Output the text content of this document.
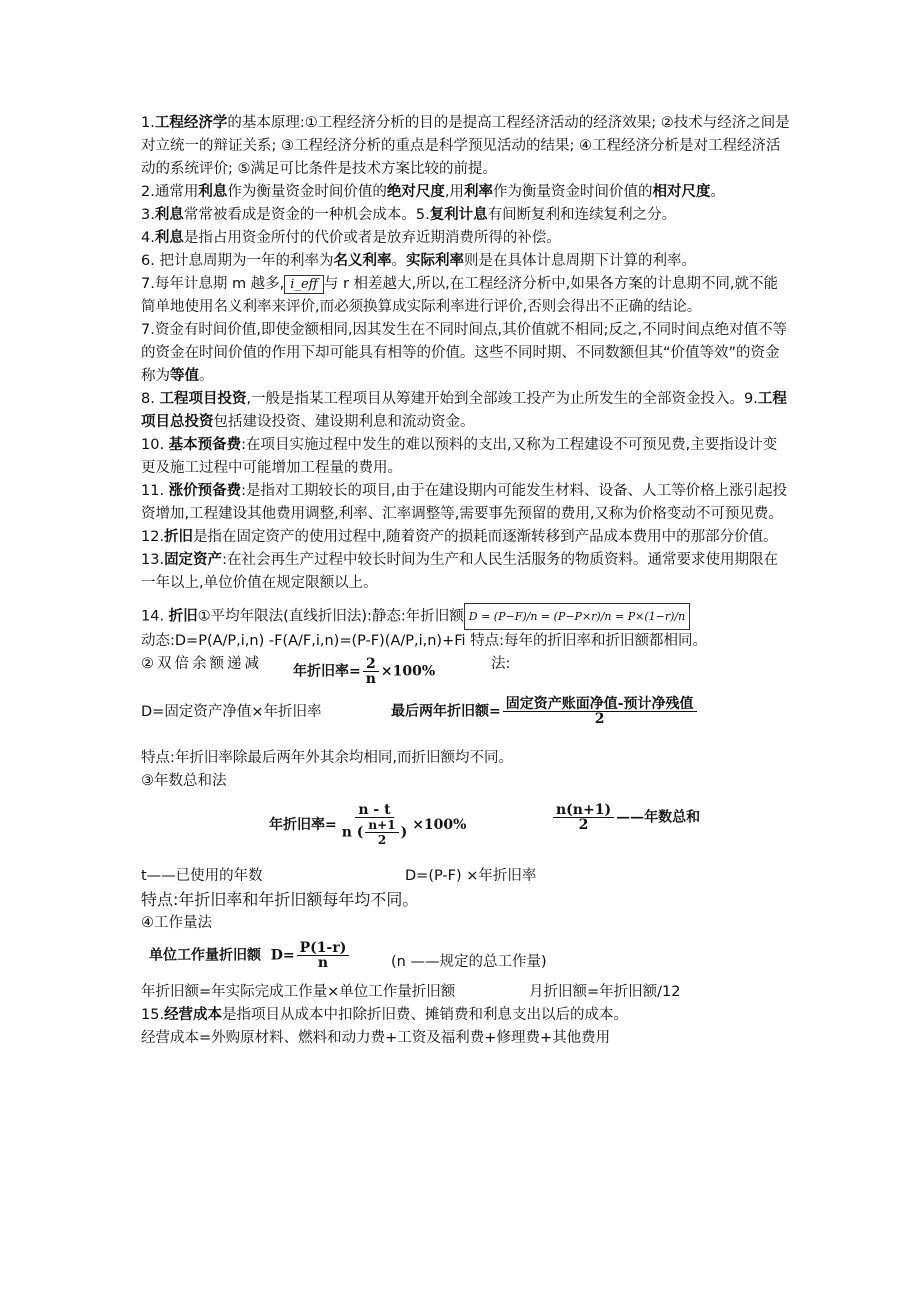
1.工程经济学的基本原理:①工程经济分析的目的是提高工程经济活动的经济效果; ②技术与经济之间是对立统一的辩证关系; ③工程经济分析的重点是科学预见活动的结果; ④工程经济分析是对工程经济活动的系统评价; ⑤满足可比条件是技术方案比较的前提。

2.通常用利息作为衡量资金时间价值的绝对尺度,用利率作为衡量资金时间价值的相对尺度。

3.利息常常被看成是资金的一种机会成本。5.复利计息有间断复利和连续复利之分。

4.利息是指占用资金所付的代价或者是放弃近期消费所得的补偿。

6. 把计息周期为一年的利率为名义利率。实际利率则是在具体计息周期下计算的利率。

7.每年计息期 m 越多, i_eff 与 r 相差越大,所以,在工程经济分析中,如果各方案的计息期不同,就不能简单地使用名义利率来评价,而必须换算成实际利率进行评价,否则会得出不正确的结论。

7.资金有时间价值,即使金额相同,因其发生在不同时间点,其价值就不相同;反之,不同时间点绝对值不等的资金在时间价值的作用下却可能具有相等的价值。这些不同时期、不同数额但其“价值等效”的资金称为等值。

8. 工程项目投资,一般是指某工程项目从筹建开始到全部竣工投产为止所发生的全部资金投入。9.工程项目总投资包括建设投资、建设期利息和流动资金。

10. 基本预备费:在项目实施过程中发生的难以预料的支出,又称为工程建设不可预见费,主要指设计变更及施工过程中可能增加工程量的费用。

11. 涨价预备费:是指对工期较长的项目,由于在建设期内可能发生材料、设备、人工等价格上涨引起投资增加,工程建设其他费用调整,利率、汇率调整等,需要事先预留的费用,又称为价格变动不可预见费。

12.折旧是指在固定资产的使用过程中,随着资产的损耗而逐渐转移到产品成本费用中的那部分价值。

13.固定资产:在社会再生产过程中较长时间为生产和人民生活服务的物质资料。通常要求使用期限在一年以上,单位价值在规定限额以上。

14. 折旧①平均年限法(直线折旧法):静态:年折旧额 D = (P−F)/n = (P−P×r)/n = P×(1−r)/n

动态:D=P(A/P,i,n) -F(A/F,i,n)=(P-F)(A/P,i,n)+Fi 特点:每年的折旧率和折旧额都相同。

②双倍余额递减 年折旧率= $\frac{2}{n} \times 100\%$	法:
D=固定资产净值×年折旧率	最后两年折旧额= $\frac{\text{固定资产账面净值-预计净残值}}{2}$

特点:年折旧率除最后两年外其余均相同,而折旧额均不同。

③年数总和法

年折旧率= $\frac{n - t}{n ( \frac{n+1}{2} )} \times 100\%$	$\frac{n(n+1)}{2}$ ——年数总和
t——已使用的年数	D=(P-F) ×年折旧率

特点:年折旧率和年折旧额每年均不同。

④工作量法

单位工作量折旧额 $D= \frac{P(1-r)}{n}$	(n ——规定的总工作量)
年折旧额=年实际完成工作量×单位工作量折旧额	月折旧额=年折旧额/12

15.经营成本是指项目从成本中扣除折旧费、摊销费和利息支出以后的成本。

经营成本=外购原材料、燃料和动力费+工资及福利费+修理费+其他费用
